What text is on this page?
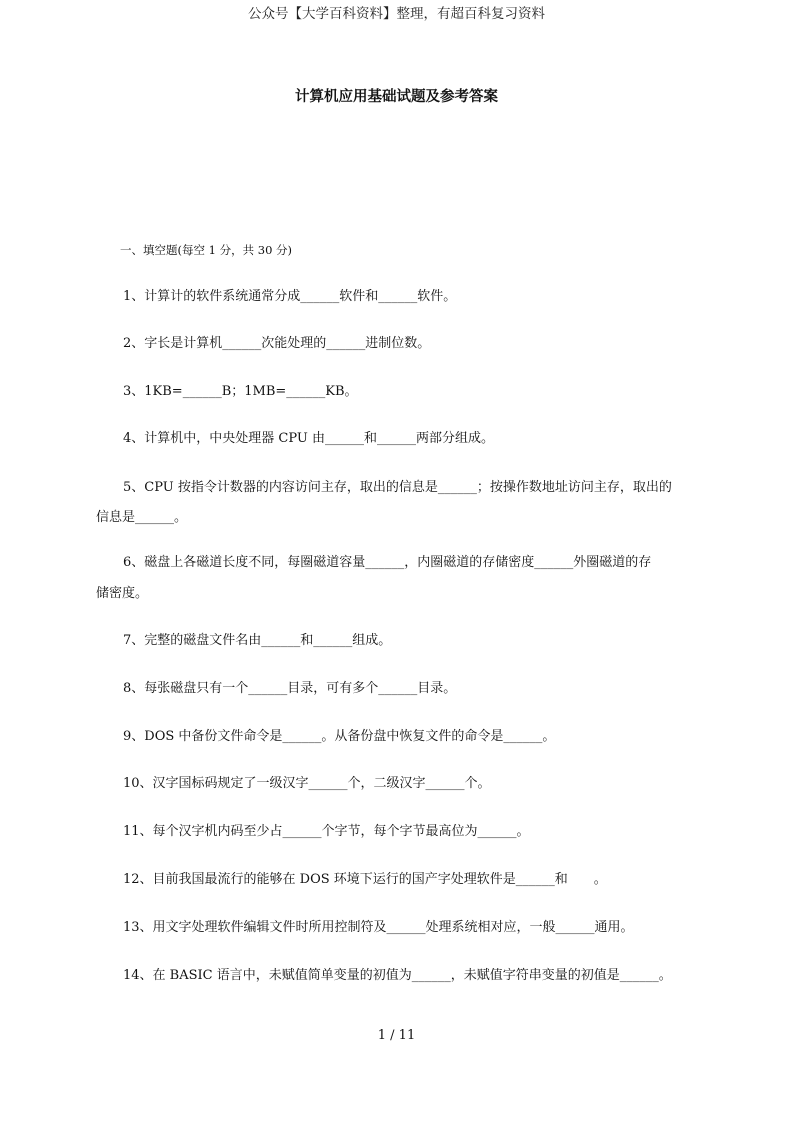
公众号【大学百科资料】整理，有超百科复习资料
计算机应用基础试题及参考答案
一、填空题(每空 1 分，共 30 分)
1、计算计的软件系统通常分成______软件和______软件。
2、字长是计算机______次能处理的______进制位数。
3、1KB=______B；1MB=______KB。
4、计算机中，中央处理器 CPU 由______和______两部分组成。
5、CPU 按指令计数器的内容访问主存，取出的信息是______；按操作数地址访问主存，取出的
信息是______。
6、磁盘上各磁道长度不同，每圈磁道容量______，内圈磁道的存储密度______外圈磁道的存
储密度。
7、完整的磁盘文件名由______和______组成。
8、每张磁盘只有一个______目录，可有多个______目录。
9、DOS 中备份文件命令是______。从备份盘中恢复文件的命令是______。
10、汉字国标码规定了一级汉字______个，二级汉字______个。
11、每个汉字机内码至少占______个字节，每个字节最高位为______。
12、目前我国最流行的能够在 DOS 环境下运行的国产字处理软件是______和　　。
13、用文字处理软件编辑文件时所用控制符及______处理系统相对应，一般______通用。
14、在 BASIC 语言中，未赋值简单变量的初值为______，未赋值字符串变量的初值是______。
1 / 11
